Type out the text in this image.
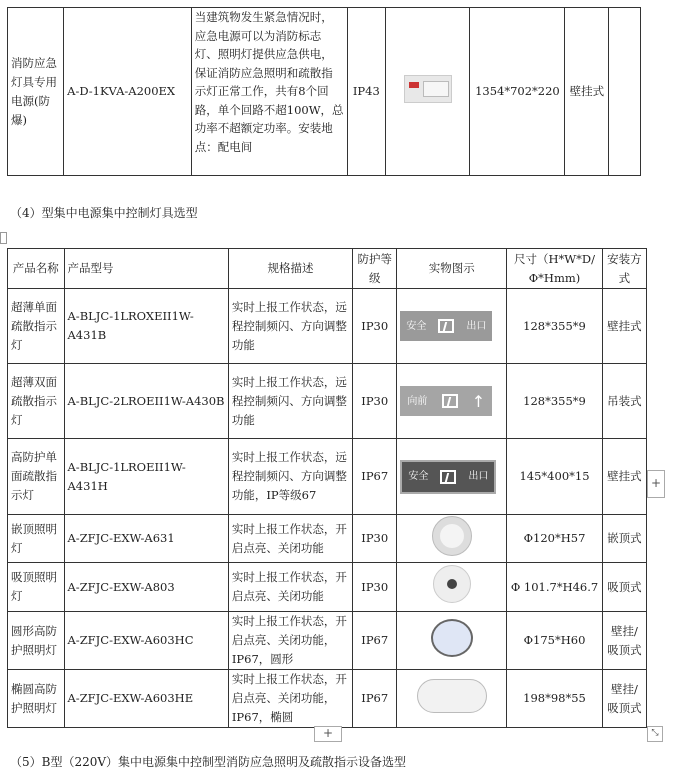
消防应急灯具专用电源(防爆)	A-D-1KVA-A200EX	当建筑物发生紧急情况时，应急电源可以为消防标志灯、照明灯提供应急供电，保证消防应急照明和疏散指示灯正常工作，共有8个回路，单个回路不超100W，总功率不超额定功率。安装地点：配电间	IP43		1354*702*220	壁挂式	
（4）型集中电源集中控制灯具选型
产品名称	产品型号	规格描述	防护等级	实物图示	尺寸（H*W*D/Φ*Hmm)	安装方式
超薄单面疏散指示灯	A-BLJC-1LROXEII1W-A431B	实时上报工作状态，远程控制频闪、方向调整功能	IP30	安全 出口	128*355*9	壁挂式
超薄双面疏散指示灯	A-BLJC-2LROEII1W-A430B	实时上报工作状态，远程控制频闪、方向调整功能	IP30	向前 ↑	128*355*9	吊装式
高防护单面疏散指示灯	A-BLJC-1LROEII1W-A431H	实时上报工作状态，远程控制频闪、方向调整功能，IP等级67	IP67	安全 出口	145*400*15	壁挂式
嵌顶照明灯	A-ZFJC-EXW-A631	实时上报工作状态，开启点亮、关闭功能	IP30		Φ120*H57	嵌顶式
吸顶照明灯	A-ZFJC-EXW-A803	实时上报工作状态，开启点亮、关闭功能	IP30		Φ 101.7*H46.7	吸顶式
圆形高防护照明灯	A-ZFJC-EXW-A603HC	实时上报工作状态，开启点亮、关闭功能，IP67，圆形	IP67		Φ175*H60	壁挂/吸顶式
椭圆高防护照明灯	A-ZFJC-EXW-A603HE	实时上报工作状态，开启点亮、关闭功能，IP67，椭圆	IP67		198*98*55	壁挂/吸顶式
+
+
⤡
（5）B型（220V）集中电源集中控制型消防应急照明及疏散指示设备选型
